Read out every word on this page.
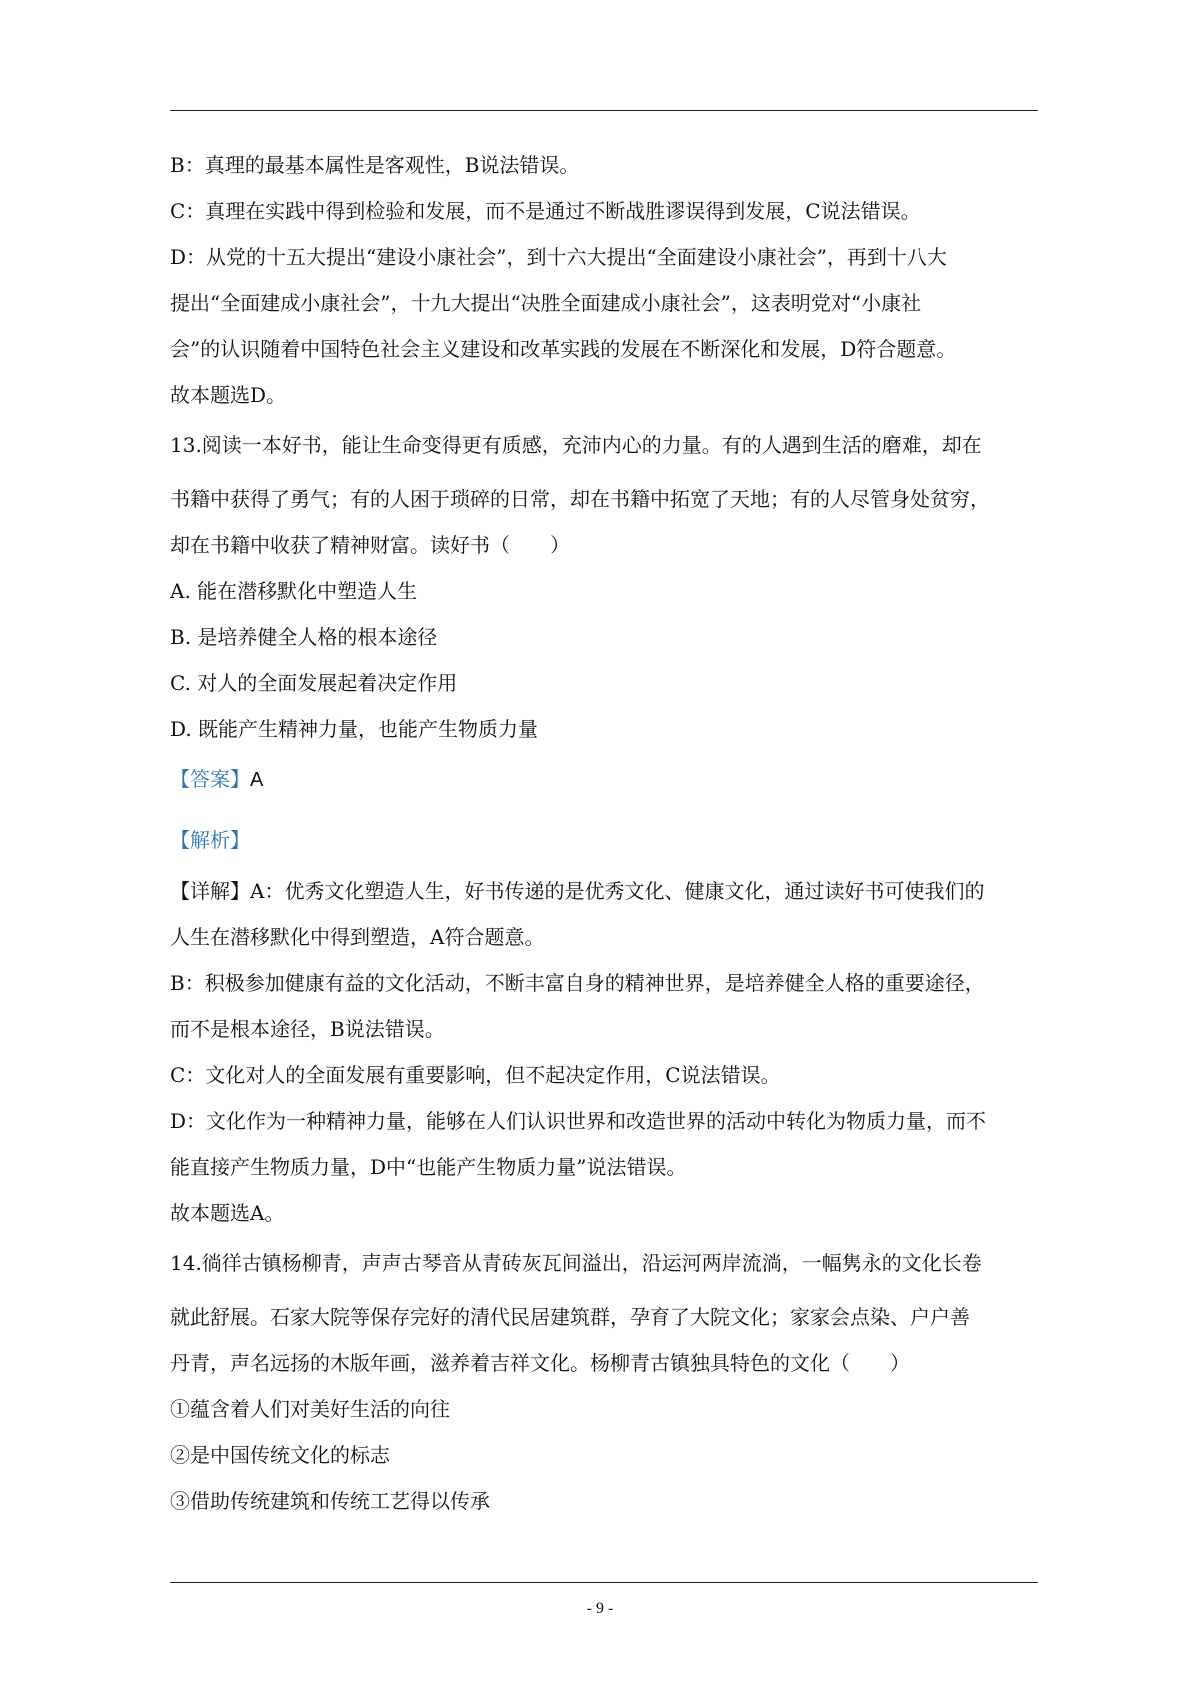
B：真理的最基本属性是客观性，B说法错误。

C：真理在实践中得到检验和发展，而不是通过不断战胜谬误得到发展，C说法错误。

D：从党的十五大提出“建设小康社会”，到十六大提出“全面建设小康社会”，再到十八大

提出“全面建成小康社会”，十九大提出“决胜全面建成小康社会”，这表明党对“小康社

会”的认识随着中国特色社会主义建设和改革实践的发展在不断深化和发展，D符合题意。

故本题选D。

13.阅读一本好书，能让生命变得更有质感，充沛内心的力量。有的人遇到生活的磨难，却在

书籍中获得了勇气；有的人困于琐碎的日常，却在书籍中拓宽了天地；有的人尽管身处贫穷，

却在书籍中收获了精神财富。读好书（　　）

A. 能在潜移默化中塑造人生

B. 是培养健全人格的根本途径

C. 对人的全面发展起着决定作用

D. 既能产生精神力量，也能产生物质力量

【答案】A

【解析】

【详解】A：优秀文化塑造人生，好书传递的是优秀文化、健康文化，通过读好书可使我们的

人生在潜移默化中得到塑造，A符合题意。

B：积极参加健康有益的文化活动，不断丰富自身的精神世界，是培养健全人格的重要途径，

而不是根本途径，B说法错误。

C：文化对人的全面发展有重要影响，但不起决定作用，C说法错误。

D：文化作为一种精神力量，能够在人们认识世界和改造世界的活动中转化为物质力量，而不

能直接产生物质力量，D中“也能产生物质力量”说法错误。

故本题选A。

14.徜徉古镇杨柳青，声声古琴音从青砖灰瓦间溢出，沿运河两岸流淌，一幅隽永的文化长卷

就此舒展。石家大院等保存完好的清代民居建筑群，孕育了大院文化；家家会点染、户户善

丹青，声名远扬的木版年画，滋养着吉祥文化。杨柳青古镇独具特色的文化（　　）

①蕴含着人们对美好生活的向往

②是中国传统文化的标志

③借助传统建筑和传统工艺得以传承

- 9 -
